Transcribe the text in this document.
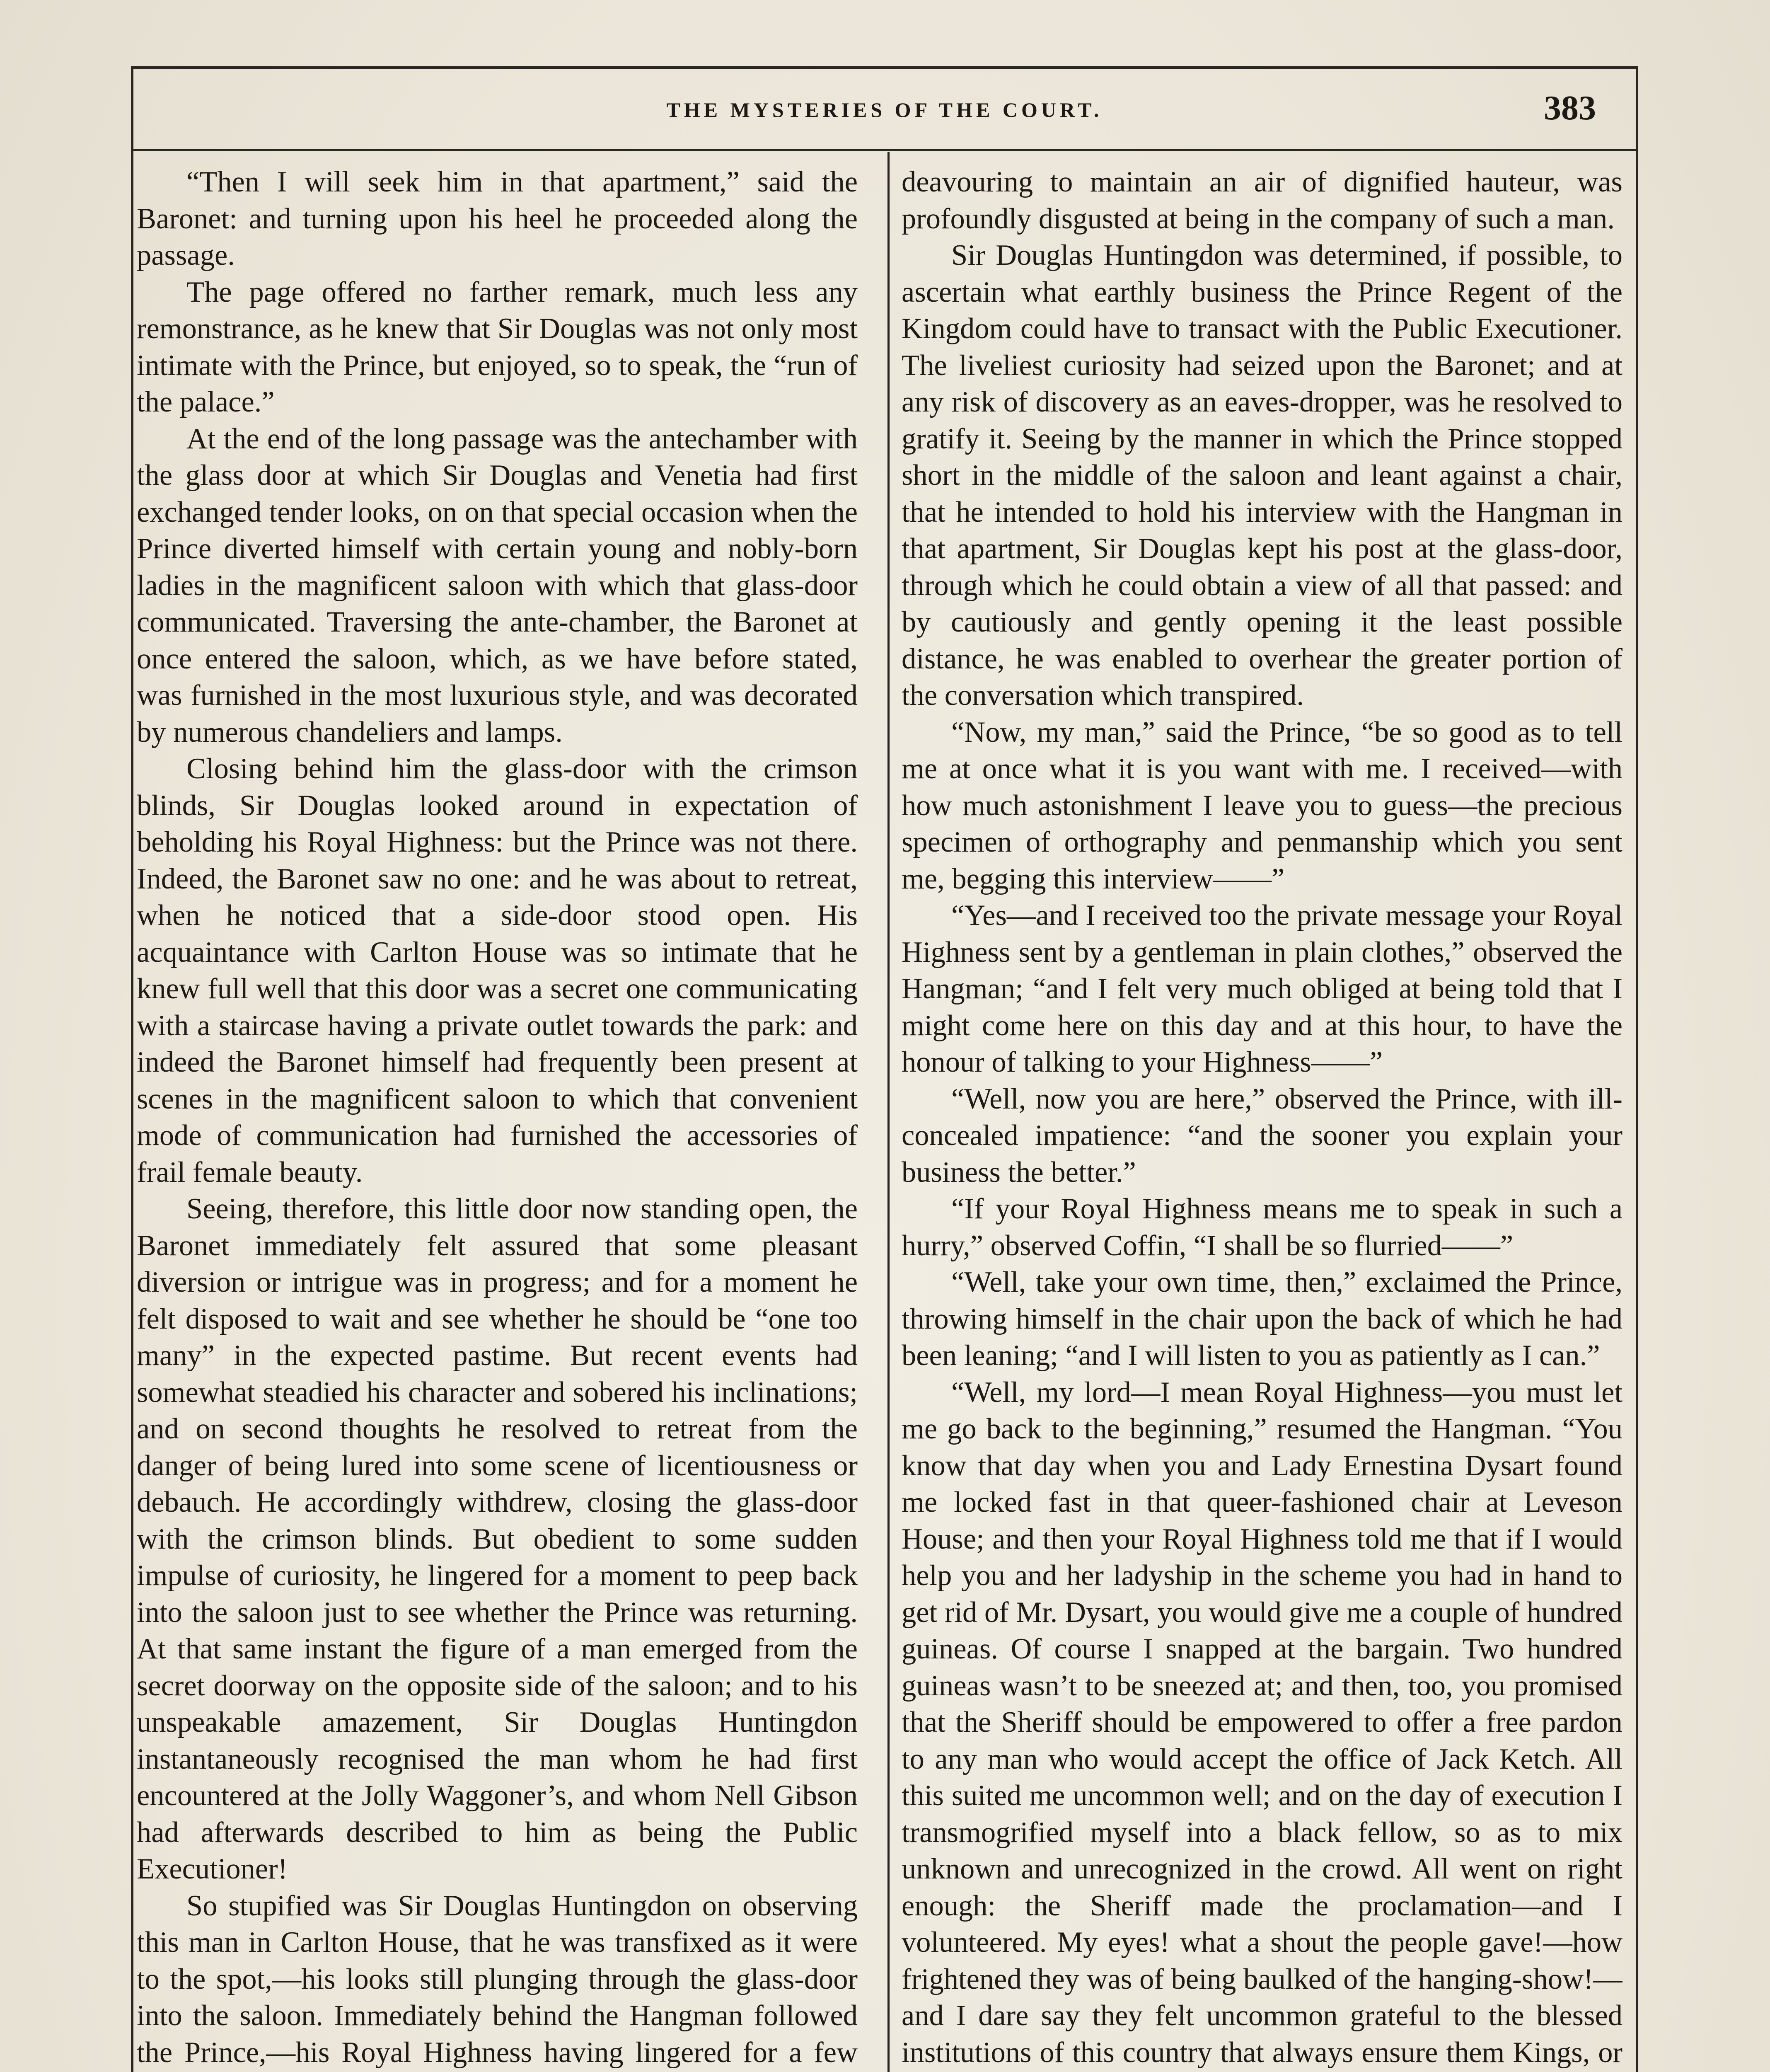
THE MYSTERIES OF THE COURT.	383

“Then I will seek him in that apartment,” said the Baronet: and turning upon his heel he proceeded along the passage.

The page offered no farther remark, much less any remonstrance, as he knew that Sir Douglas was not only most intimate with the Prince, but enjoyed, so to speak, the “run of the palace.”

At the end of the long passage was the antechamber with the glass door at which Sir Douglas and Venetia had first exchanged tender looks, on on that special occasion when the Prince diverted himself with certain young and nobly-born ladies in the magnificent saloon with which that glass-door communicated. Traversing the ante-chamber, the Baronet at once entered the saloon, which, as we have before stated, was furnished in the most luxurious style, and was decorated by numerous chandeliers and lamps.

Closing behind him the glass-door with the crimson blinds, Sir Douglas looked around in expectation of beholding his Royal Highness: but the Prince was not there. Indeed, the Baronet saw no one: and he was about to retreat, when he noticed that a side-door stood open. His acquaintance with Carlton House was so intimate that he knew full well that this door was a secret one communicating with a staircase having a private outlet towards the park: and indeed the Baronet himself had frequently been present at scenes in the magnificent saloon to which that convenient mode of communication had furnished the accessories of frail female beauty.

Seeing, therefore, this little door now standing open, the Baronet immediately felt assured that some pleasant diversion or intrigue was in progress; and for a moment he felt disposed to wait and see whether he should be “one too many” in the expected pastime. But recent events had somewhat steadied his character and sobered his inclinations; and on second thoughts he resolved to retreat from the danger of being lured into some scene of licentiousness or debauch. He accordingly withdrew, closing the glass-door with the crimson blinds. But obedient to some sudden impulse of curiosity, he lingered for a moment to peep back into the saloon just to see whether the Prince was returning. At that same instant the figure of a man emerged from the secret doorway on the opposite side of the saloon; and to his unspeakable amazement, Sir Douglas Huntingdon instantaneously recognised the man whom he had first encountered at the Jolly Waggoner’s, and whom Nell Gibson had afterwards described to him as being the Public Executioner!

So stupified was Sir Douglas Huntingdon on observing this man in Carlton House, that he was transfixed as it were to the spot,—his looks still plunging through the glass-door into the saloon. Immediately behind the Hangman followed the Prince,—his Royal Highness having lingered for a few

deavouring to maintain an air of dignified hauteur, was profoundly disgusted at being in the company of such a man.

Sir Douglas Huntingdon was determined, if possible, to ascertain what earthly business the Prince Regent of the Kingdom could have to transact with the Public Executioner. The liveliest curiosity had seized upon the Baronet; and at any risk of discovery as an eaves-dropper, was he resolved to gratify it. Seeing by the manner in which the Prince stopped short in the middle of the saloon and leant against a chair, that he intended to hold his interview with the Hangman in that apartment, Sir Douglas kept his post at the glass-door, through which he could obtain a view of all that passed: and by cautiously and gently opening it the least possible distance, he was enabled to overhear the greater portion of the conversation which transpired.

“Now, my man,” said the Prince, “be so good as to tell me at once what it is you want with me. I received—with how much astonishment I leave you to guess—the precious specimen of orthography and penmanship which you sent me, begging this interview——”

“Yes—and I received too the private message your Royal Highness sent by a gentleman in plain clothes,” observed the Hangman; “and I felt very much obliged at being told that I might come here on this day and at this hour, to have the honour of talking to your Highness——”

“Well, now you are here,” observed the Prince, with ill-concealed impatience: “and the sooner you explain your business the better.”

“If your Royal Highness means me to speak in such a hurry,” observed Coffin, “I shall be so flurried——”

“Well, take your own time, then,” exclaimed the Prince, throwing himself in the chair upon the back of which he had been leaning; “and I will listen to you as patiently as I can.”

“Well, my lord—I mean Royal Highness—you must let me go back to the beginning,” resumed the Hangman. “You know that day when you and Lady Ernestina Dysart found me locked fast in that queer-fashioned chair at Leveson House; and then your Royal Highness told me that if I would help you and her ladyship in the scheme you had in hand to get rid of Mr. Dysart, you would give me a couple of hundred guineas. Of course I snapped at the bargain. Two hundred guineas wasn’t to be sneezed at; and then, too, you promised that the Sheriff should be empowered to offer a free pardon to any man who would accept the office of Jack Ketch. All this suited me uncommon well; and on the day of execution I transmogrified myself into a black fellow, so as to mix unknown and unrecognized in the crowd. All went on right enough: the Sheriff made the proclamation—and I volunteered. My eyes! what a shout the people gave!—how frightened they was of being baulked of the hanging-show!—and I dare say they felt uncommon grateful to the blessed institutions of this country that always ensure them Kings, or
